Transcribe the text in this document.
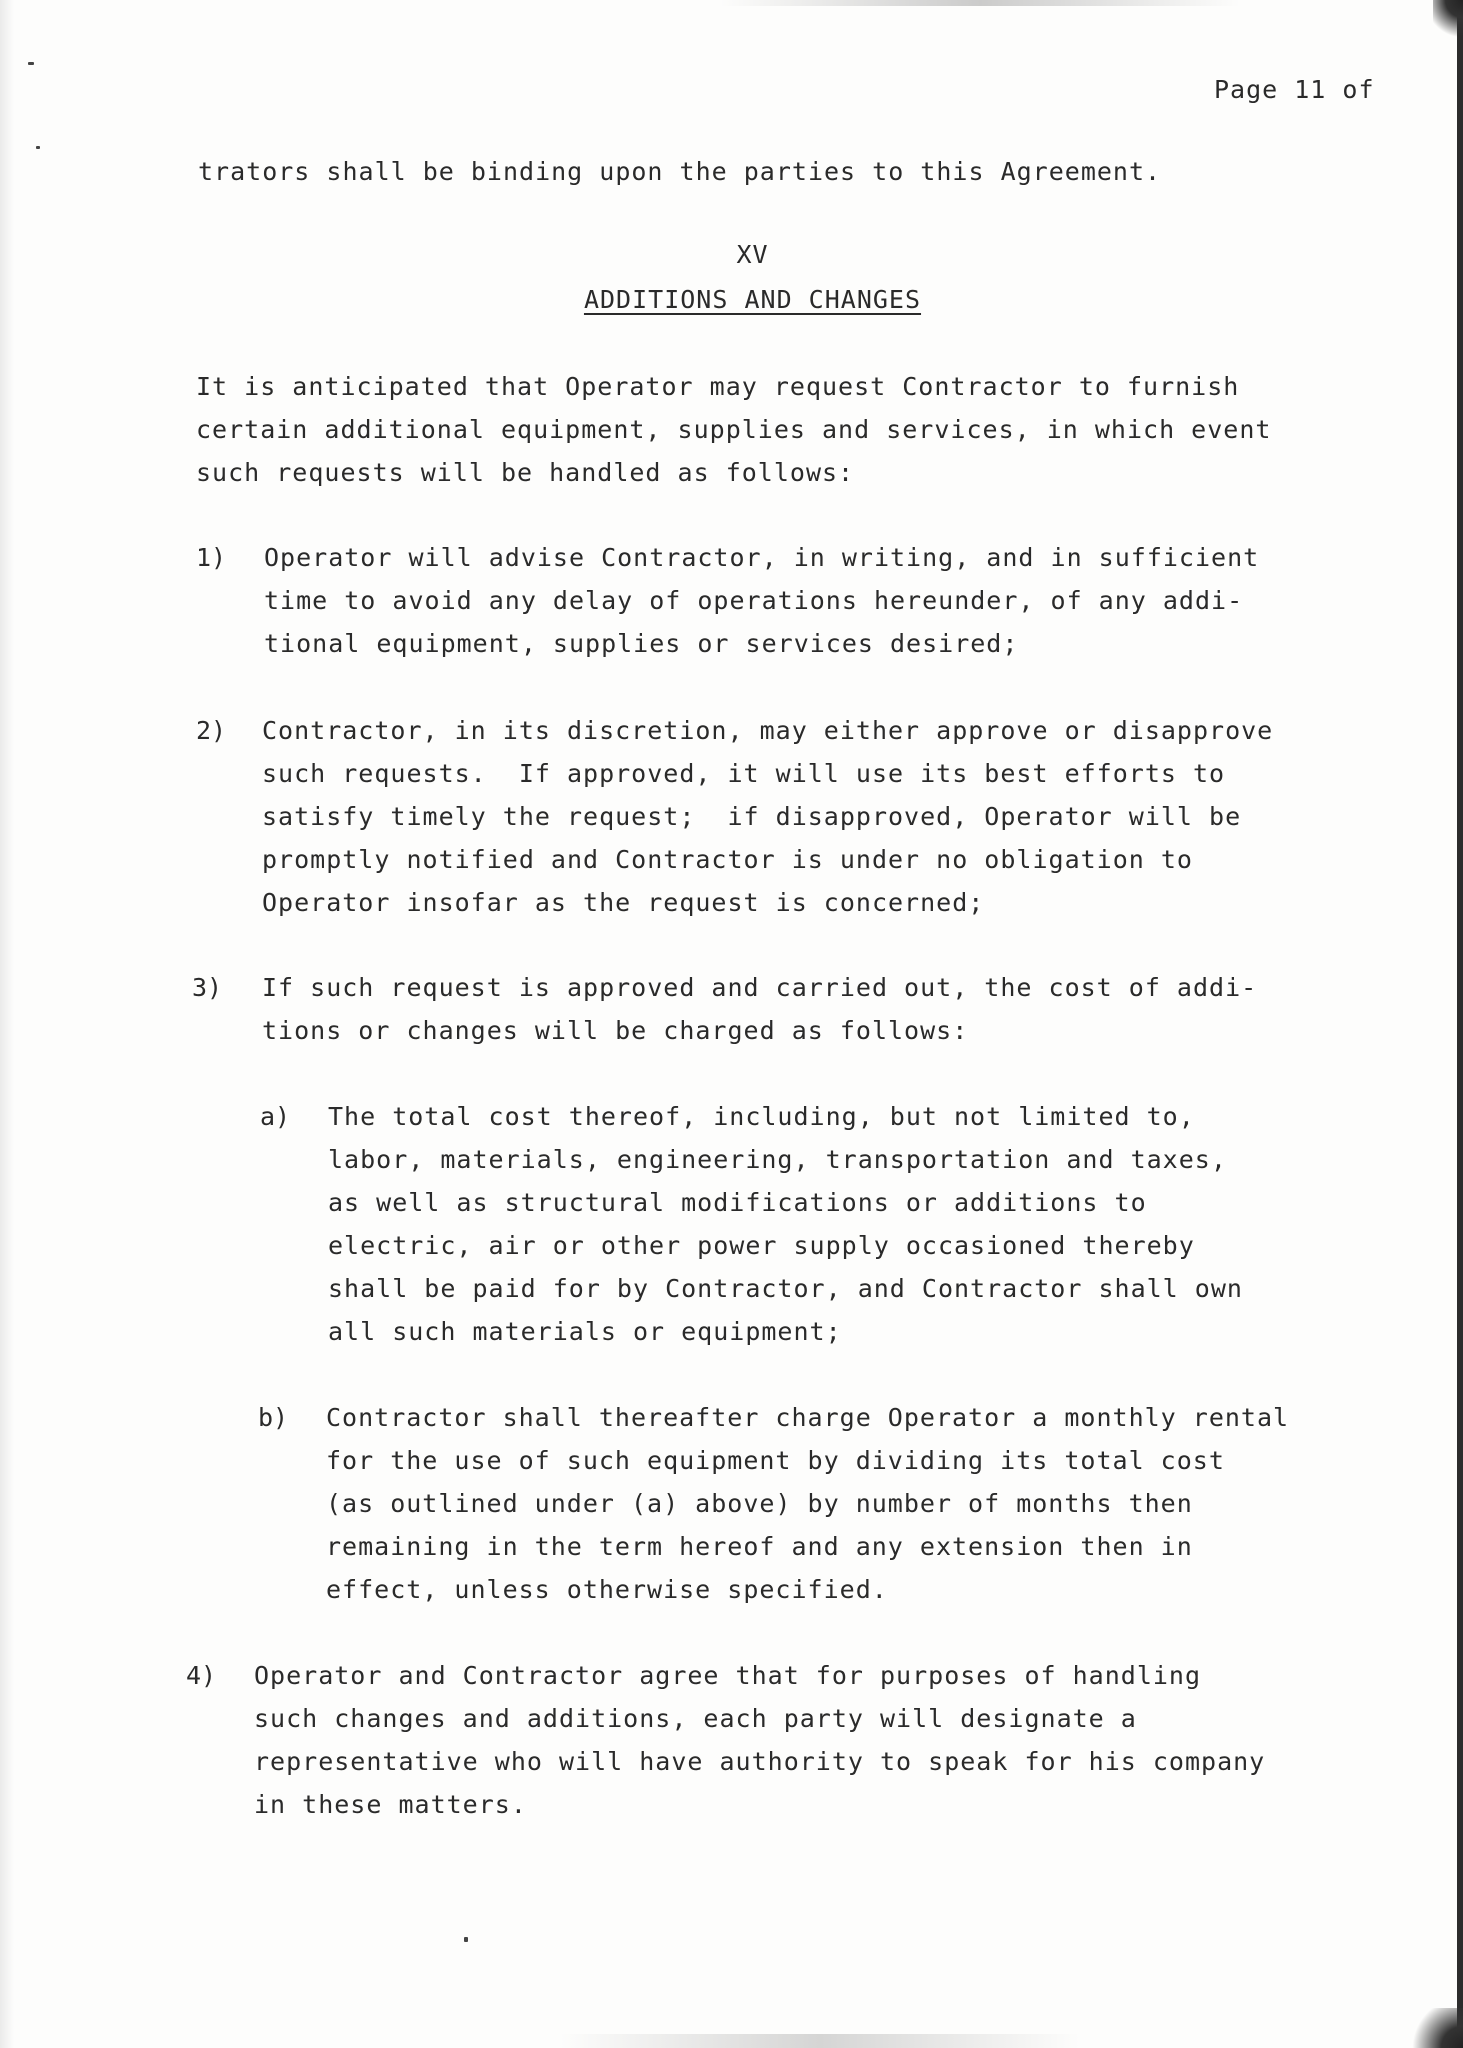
Page 11 of
trators shall be binding upon the parties to this Agreement.
XV
ADDITIONS AND CHANGES
It is anticipated that Operator may request Contractor to furnish
certain additional equipment, supplies and services, in which event
such requests will be handled as follows:
1) Operator will advise Contractor, in writing, and in sufficient
time to avoid any delay of operations hereunder, of any addi-
tional equipment, supplies or services desired;
2) Contractor, in its discretion, may either approve or disapprove
such requests.  If approved, it will use its best efforts to
satisfy timely the request;  if disapproved, Operator will be
promptly notified and Contractor is under no obligation to
Operator insofar as the request is concerned;
3) If such request is approved and carried out, the cost of addi-
tions or changes will be charged as follows:
a) The total cost thereof, including, but not limited to,
labor, materials, engineering, transportation and taxes,
as well as structural modifications or additions to
electric, air or other power supply occasioned thereby
shall be paid for by Contractor, and Contractor shall own
all such materials or equipment;
b) Contractor shall thereafter charge Operator a monthly rental
for the use of such equipment by dividing its total cost
(as outlined under (a) above) by number of months then
remaining in the term hereof and any extension then in
effect, unless otherwise specified.
4) Operator and Contractor agree that for purposes of handling
such changes and additions, each party will designate a
representative who will have authority to speak for his company
in these matters.
